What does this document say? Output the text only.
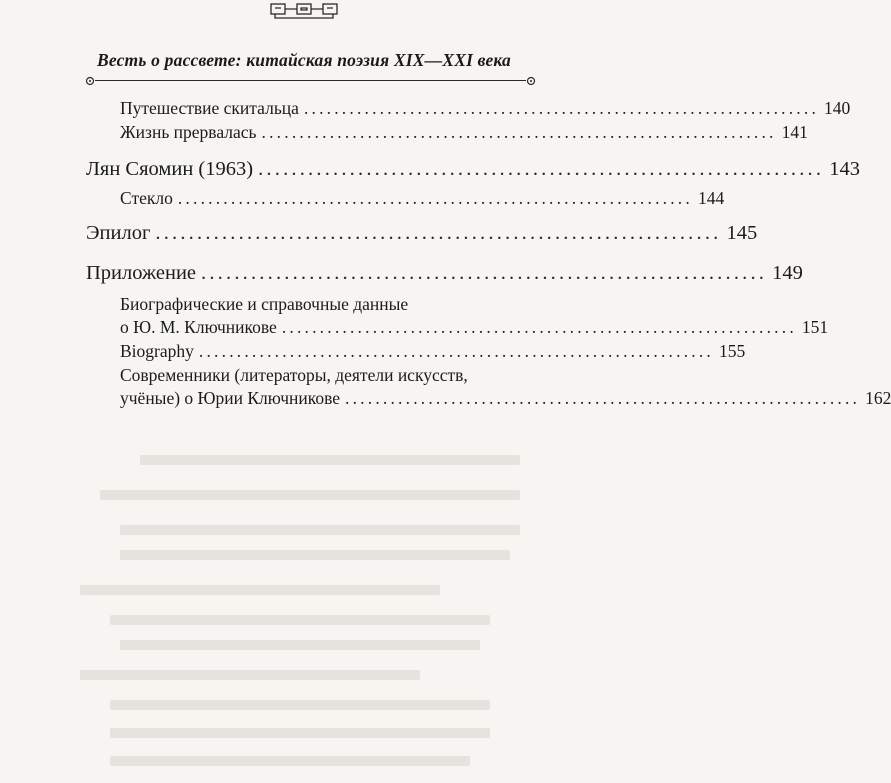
Весть о рассвете: китайская поэзия XIX—XXI века
Путешествие скитальца .................................................................... 140
Жизнь прервалась .................................................................... 141
Лян Сяомин (1963) .................................................................... 143
Стекло .................................................................... 144
Эпилог .................................................................... 145
Приложение .................................................................... 149
Биографические и справочные данные
о Ю. М. Ключникове .................................................................... 151
Biography .................................................................... 155
Современники (литераторы, деятели искусств,
учёные) о Юрии Ключникове .................................................................... 162
